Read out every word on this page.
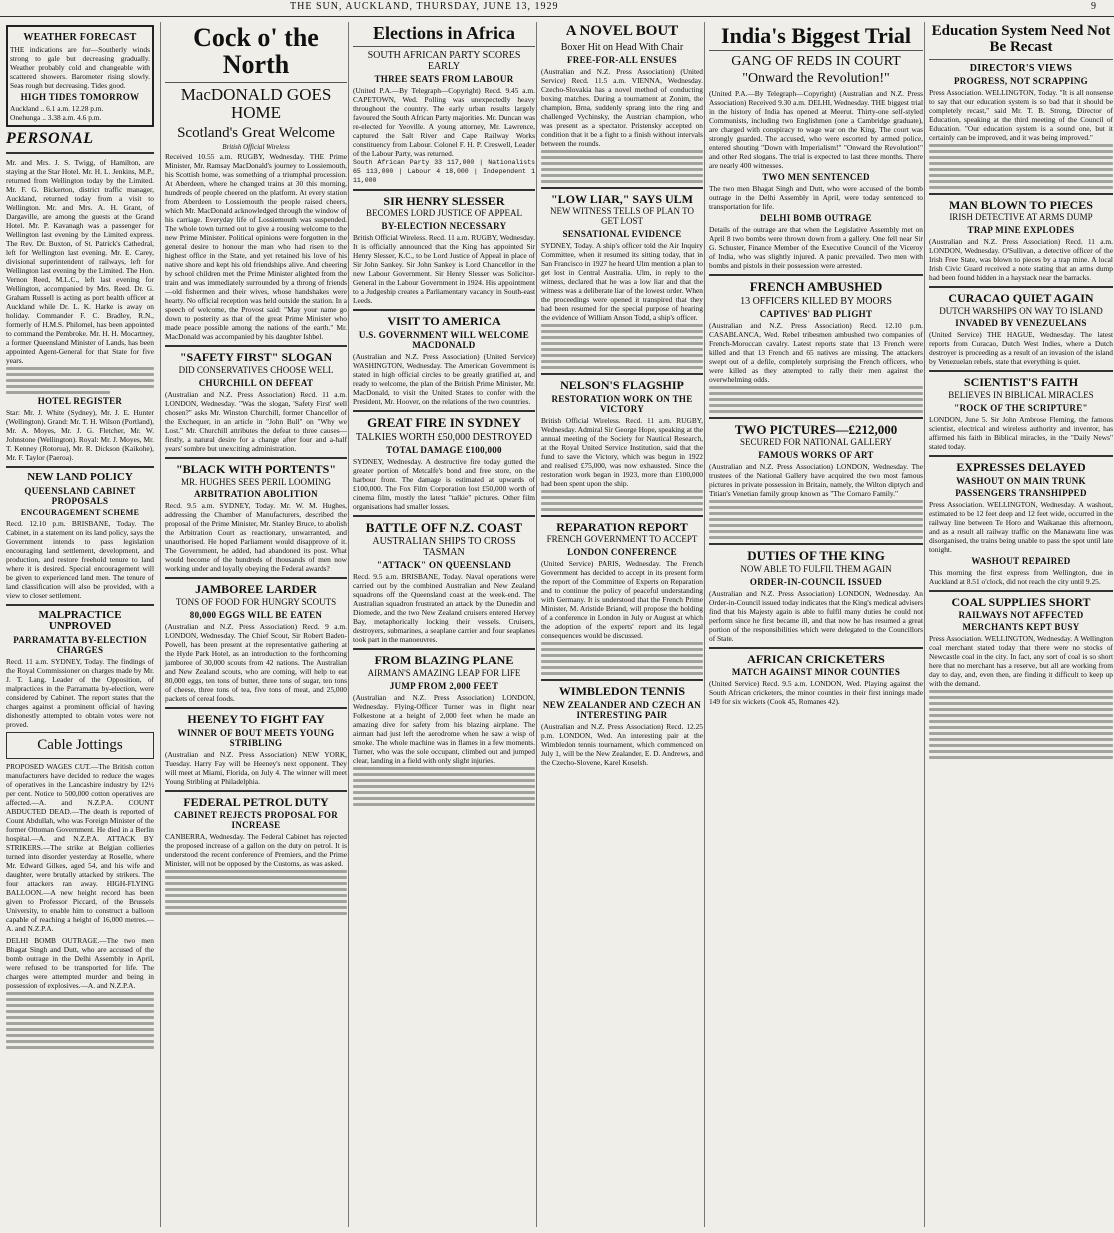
THE SUN, AUCKLAND, THURSDAY, JUNE 13, 1929	9
WEATHER FORECAST
THE indications are for—Southerly winds strong to gale but decreasing gradually. Weather probably cold and changeable with scattered showers. Barometer rising slowly. Seas rough but decreasing. Tides good.
HIGH TIDES TOMORROW
Auckland .. 6.1 a.m. 12.28 p.m.
Onehunga .. 3.38 a.m. 4.6 p.m.
PERSONAL
Mr. and Mrs. J. S. Twigg, of Hamilton, are staying at the Star Hotel. Mr. H. L. Jenkins, M.P., returned from Wellington today by the Limited. Mr. F. G. Bickerton, district traffic manager, Auckland, returned today from a visit to Wellington. Mr. and Mrs. A. H. Grant, of Dargaville, are among the guests at the Grand Hotel. Mr. P. Kavanagh was a passenger for Wellington last evening by the Limited express. The Rev. Dr. Buxton, of St. Patrick's Cathedral, left for Wellington last evening. Mr. E. Carey, divisional superintendent of railways, left for Wellington last evening by the Limited. The Hon. Vernon Reed, M.L.C., left last evening for Wellington, accompanied by Mrs. Reed. Dr. G. Graham Russell is acting as port health officer at Auckland while Dr. L. K. Harke is away on holiday. Commander F. C. Bradley, R.N., formerly of H.M.S. Philomel, has been appointed to command the Pembroke. Mr. H. H. Mocartney, a former Queensland Minister of Lands, has been appointed Agent-General for that State for five years.
HOTEL REGISTER
Star: Mr. J. White (Sydney), Mr. J. E. Hunter (Wellington). Grand: Mr. T. H. Wilson (Portland), Mr. A. Moyes, Mr. J. G. Fletcher, Mr. W. Johnstone (Wellington). Royal: Mr. J. Moyes, Mr. T. Kenney (Rotorua), Mr. R. Dickson (Kaikohe), Mr. F. Taylor (Paeroa).
NEW LAND POLICY
QUEENSLAND CABINET PROPOSALS
ENCOURAGEMENT SCHEME
Recd. 12.10 p.m. BRISBANE, Today. The Cabinet, in a statement on its land policy, says the Government intends to pass legislation encouraging land settlement, development, and production, and restore freehold tenure to land where it is desired. Special encouragement will be given to experienced land men. The tenure of land classification will also be provided, with a view to closer settlement.
MALPRACTICE UNPROVED
PARRAMATTA BY-ELECTION CHARGES
Recd. 11 a.m. SYDNEY, Today. The findings of the Royal Commissioner on charges made by Mr. J. T. Lang, Leader of the Opposition, of malpractices in the Parramatta by-election, were considered by Cabinet. The report states that the charges against a prominent official of having dishonestly attempted to obtain votes were not proved.
Cable Jottings
PROPOSED WAGES CUT.—The British cotton manufacturers have decided to reduce the wages of operatives in the Lancashire industry by 12½ per cent. Notice to 500,000 cotton operatives are affected.—A. and N.Z.P.A. COUNT ABDUCTED DEAD.—The death is reported of Count Abdullah, who was Foreign Minister of the former Ottoman Government. He died in a Berlin hospital.—A. and N.Z.P.A. ATTACK BY STRIKERS.—The strike at Belgian collieries turned into disorder yesterday at Roselle, where Mr. Edward Gilkes, aged 54, and his wife and daughter, were brutally attacked by strikers. The four attackers ran away. HIGH-FLYING BALLOON.—A new height record has been given to Professor Piccard, of the Brussels University, to enable him to construct a balloon capable of reaching a height of 16,000 metres.—A. and N.Z.P.A.
DELHI BOMB OUTRAGE.—The two men Bhagat Singh and Dutt, who are accused of the bomb outrage in the Delhi Assembly in April, were refused to be transported for life. The charges were attempted murder and being in possession of explosives.—A. and N.Z.P.A.
Cock o' the North
MacDONALD GOES HOME
Scotland's Great Welcome
British Official Wireless
Received 10.55 a.m. RUGBY, Wednesday. THE Prime Minister, Mr. Ramsay MacDonald's journey to Lossiemouth, his Scottish home, was something of a triumphal procession. At Aberdeen, where he changed trains at 30 this morning, hundreds of people cheered on the platform. At every station from Aberdeen to Lossiemouth the people raised cheers, which Mr. MacDonald acknowledged through the window of his carriage. Everyday life of Lossiemouth was suspended. The whole town turned out to give a rousing welcome to the new Prime Minister. Political opinions were forgotten in the general desire to honour the man who had risen to the highest office in the State, and yet retained his love of his native shore and kept his old friendships alive. And cheering by school children met the Prime Minister alighted from the train and was immediately surrounded by a throng of friends—old fishermen and their wives, whose handshakes were hearty. No official reception was held outside the station. In a speech of welcome, the Provost said: "May your name go down to posterity as that of the great Prime Minister who made peace possible among the nations of the earth." Mr. MacDonald was accompanied by his daughter Ishbel.
"SAFETY FIRST" SLOGAN
DID CONSERVATIVES CHOOSE WELL
CHURCHILL ON DEFEAT
(Australian and N.Z. Press Association) Recd. 11 a.m. LONDON, Wednesday. "Was the slogan, 'Safety First' well chosen?" asks Mr. Winston Churchill, former Chancellor of the Exchequer, in an article in "John Bull" on "Why we Lost." Mr. Churchill attributes the defeat to three causes—firstly, a natural desire for a change after four and a-half years' sombre but unexciting administration.
"BLACK WITH PORTENTS"
MR. HUGHES SEES PERIL LOOMING
ARBITRATION ABOLITION
Recd. 9.5 a.m. SYDNEY, Today. Mr. W. M. Hughes, addressing the Chamber of Manufacturers, described the proposal of the Prime Minister, Mr. Stanley Bruce, to abolish the Arbitration Court as reactionary, unwarranted, and unauthorised. He hoped Parliament would disapprove of it. The Government, he added, had abandoned its post. What would become of the hundreds of thousands of men now working under and loyally obeying the Federal awards?
JAMBOREE LARDER
TONS OF FOOD FOR HUNGRY SCOUTS
80,000 EGGS WILL BE EATEN
(Australian and N.Z. Press Association) Recd. 9 a.m. LONDON, Wednesday. The Chief Scout, Sir Robert Baden-Powell, has been present at the representative gathering at the Hyde Park Hotel, as an introduction to the forthcoming jamboree of 30,000 scouts from 42 nations. The Australian and New Zealand scouts, who are coming, will help to eat 80,000 eggs, ten tons of butter, three tons of sugar, ten tons of cheese, three tons of tea, five tons of meat, and 25,000 packets of cereal foods.
HEENEY TO FIGHT FAY
WINNER OF BOUT MEETS YOUNG STRIBLING
(Australian and N.Z. Press Association) NEW YORK, Tuesday. Harry Fay will be Heeney's next opponent. They will meet at Miami, Florida, on July 4. The winner will meet Young Stribling at Philadelphia.
FEDERAL PETROL DUTY
CABINET REJECTS PROPOSAL FOR INCREASE
CANBERRA, Wednesday. The Federal Cabinet has rejected the proposed increase of a gallon on the duty on petrol. It is understood the recent conference of Premiers, and the Prime Minister, will not be opposed by the Customs, as was asked.
Elections in Africa
SOUTH AFRICAN PARTY SCORES EARLY
THREE SEATS FROM LABOUR
(United P.A.—By Telegraph—Copyright) Recd. 9.45 a.m. CAPETOWN, Wed. Polling was unexpectedly heavy throughout the country. The early urban results largely favoured the South African Party majorities. Mr. Duncan was re-elected for Yeoville. A young attorney, Mr. Lawrence, captured the Salt River and Cape Railway Works constituency from Labour. Colonel F. H. P. Creswell, Leader of the Labour Party, was returned.
South African Party 33 117,000 | Nationalists 65 113,000 | Labour 4 18,000 | Independent 1 11,000
SIR HENRY SLESSER
BECOMES LORD JUSTICE OF APPEAL
BY-ELECTION NECESSARY
British Official Wireless. Recd. 11 a.m. RUGBY, Wednesday. It is officially announced that the King has appointed Sir Henry Slesser, K.C., to be Lord Justice of Appeal in place of Sir John Sankey. Sir John Sankey is Lord Chancellor in the new Labour Government. Sir Henry Slesser was Solicitor-General in the Labour Government in 1924. His appointment to a Judgeship creates a Parliamentary vacancy in South-east Leeds.
VISIT TO AMERICA
U.S. GOVERNMENT WILL WELCOME MACDONALD
(Australian and N.Z. Press Association) (United Service) WASHINGTON, Wednesday. The American Government is stated in high official circles to be greatly gratified at, and ready to welcome, the plan of the British Prime Minister, Mr. MacDonald, to visit the United States to confer with the President, Mr. Hoover, on the relations of the two countries.
GREAT FIRE IN SYDNEY
TALKIES WORTH £50,000 DESTROYED
TOTAL DAMAGE £100,000
SYDNEY, Wednesday. A destructive fire today gutted the greater portion of Metcalfe's bond and free store, on the harbour front. The damage is estimated at upwards of £100,000. The Fox Film Corporation lost £50,000 worth of cinema film, mostly the latest "talkie" pictures. Other film organisations had smaller losses.
BATTLE OFF N.Z. COAST
AUSTRALIAN SHIPS TO CROSS TASMAN
"ATTACK" ON QUEENSLAND
Recd. 9.5 a.m. BRISBANE, Today. Naval operations were carried out by the combined Australian and New Zealand squadrons off the Queensland coast at the week-end. The Australian squadron frustrated an attack by the Dunedin and Diomede, and the two New Zealand cruisers entered Hervey Bay, metaphorically locking their vessels. Cruisers, destroyers, submarines, a seaplane carrier and four seaplanes took part in the manoeuvres.
FROM BLAZING PLANE
AIRMAN'S AMAZING LEAP FOR LIFE
JUMP FROM 2,000 FEET
(Australian and N.Z. Press Association) LONDON, Wednesday. Flying-Officer Turner was in flight near Folkestone at a height of 2,000 feet when he made an amazing dive for safety from his blazing airplane. The airman had just left the aerodrome when he saw a wisp of smoke. The whole machine was in flames in a few moments. Turner, who was the sole occupant, climbed out and jumped clear, landing in a field with only slight injuries.
A NOVEL BOUT
Boxer Hit on Head With Chair
FREE-FOR-ALL ENSUES
(Australian and N.Z. Press Association) (United Service) Recd. 11.5 a.m. VIENNA, Wednesday. Czecho-Slovakia has a novel method of conducting boxing matches. During a tournament at Zonim, the champion, Brna, suddenly sprang into the ring and challenged Vychinsky, the Austrian champion, who was present as a spectator. Pristensky accepted on condition that it be a fight to a finish without intervals between the rounds.
"LOW LIAR," SAYS ULM
NEW WITNESS TELLS OF PLAN TO GET LOST
SENSATIONAL EVIDENCE
SYDNEY, Today. A ship's officer told the Air Inquiry Committee, when it resumed its sitting today, that in San Francisco in 1927 he heard Ulm mention a plan to get lost in Central Australia. Ulm, in reply to the witness, declared that he was a low liar and that the witness was a deliberate liar of the lowest order. When the proceedings were opened it transpired that they had been resumed for the special purpose of hearing the evidence of William Anson Todd, a ship's officer.
NELSON'S FLAGSHIP
RESTORATION WORK ON THE VICTORY
British Official Wireless. Recd. 11 a.m. RUGBY, Wednesday. Admiral Sir George Hope, speaking at the annual meeting of the Society for Nautical Research, at the Royal United Service Institution, said that the fund to save the Victory, which was begun in 1922 and realised £75,000, was now exhausted. Since the restoration work began in 1923, more than £100,000 had been spent upon the ship.
REPARATION REPORT
FRENCH GOVERNMENT TO ACCEPT
LONDON CONFERENCE
(United Service) PARIS, Wednesday. The French Government has decided to accept in its present form the report of the Committee of Experts on Reparation and to continue the policy of peaceful understanding with Germany. It is understood that the French Prime Minister, M. Aristide Briand, will propose the holding of a conference in London in July or August at which the adoption of the experts' report and its legal consequences would be discussed.
WIMBLEDON TENNIS
NEW ZEALANDER AND CZECH AN INTERESTING PAIR
(Australian and N.Z. Press Association) Recd. 12.25 p.m. LONDON, Wed. An interesting pair at the Wimbledon tennis tournament, which commenced on July 1, will be the New Zealander, E. D. Andrews, and the Czecho-Slovene, Karel Koselsh.
India's Biggest Trial
GANG OF REDS IN COURT
"Onward the Revolution!"
(United P.A.—By Telegraph—Copyright) (Australian and N.Z. Press Association) Received 9.30 a.m. DELHI, Wednesday. THE biggest trial in the history of India has opened at Meerut. Thirty-one self-styled Communists, including two Englishmen (one a Cambridge graduate), are charged with conspiracy to wage war on the King. The court was strongly guarded. The accused, who were escorted by armed police, entered shouting "Down with Imperialism!" "Onward the Revolution!" and other Red slogans. The trial is expected to last three months. There are nearly 400 witnesses.
TWO MEN SENTENCED
The two men Bhagat Singh and Dutt, who were accused of the bomb outrage in the Delhi Assembly in April, were today sentenced to transportation for life.
DELHI BOMB OUTRAGE
Details of the outrage are that when the Legislative Assembly met on April 8 two bombs were thrown down from a gallery. One fell near Sir G. Schuster, Finance Member of the Executive Council of the Viceroy of India, who was slightly injured. A panic prevailed. Two men with bombs and pistols in their possession were arrested.
FRENCH AMBUSHED
13 OFFICERS KILLED BY MOORS
CAPTIVES' BAD PLIGHT
(Australian and N.Z. Press Association) Recd. 12.10 p.m. CASABLANCA, Wed. Rebel tribesmen ambushed two companies of French-Moroccan cavalry. Latest reports state that 13 French were killed and that 13 French and 65 natives are missing. The attackers swept out of a defile, completely surprising the French officers, who were killed as they attempted to rally their men against the overwhelming odds.
TWO PICTURES—£212,000
SECURED FOR NATIONAL GALLERY
FAMOUS WORKS OF ART
(Australian and N.Z. Press Association) LONDON, Wednesday. The trustees of the National Gallery have acquired the two most famous pictures in private possession in Britain, namely, the Wilton diptych and Titian's Venetian family group known as "The Cornaro Family."
DUTIES OF THE KING
NOW ABLE TO FULFIL THEM AGAIN
ORDER-IN-COUNCIL ISSUED
(Australian and N.Z. Press Association) LONDON, Wednesday. An Order-in-Council issued today indicates that the King's medical advisers find that his Majesty again is able to fulfil many duties he could not perform since he first became ill, and that now he has resumed a great portion of the responsibilities which were delegated to the Councillors of State.
AFRICAN CRICKETERS
MATCH AGAINST MINOR COUNTIES
(United Service) Recd. 9.5 a.m. LONDON, Wed. Playing against the South African cricketers, the minor counties in their first innings made 149 for six wickets (Cook 45, Romanes 42).
Education System Need Not Be Recast
DIRECTOR'S VIEWS
PROGRESS, NOT SCRAPPING
Press Association. WELLINGTON, Today. "It is all nonsense to say that our education system is so bad that it should be completely recast," said Mr. T. B. Strong, Director of Education, speaking at the third meeting of the Council of Education. "Our education system is a sound one, but it certainly can be improved, and it was being improved."
MAN BLOWN TO PIECES
IRISH DETECTIVE AT ARMS DUMP
TRAP MINE EXPLODES
(Australian and N.Z. Press Association) Recd. 11 a.m. LONDON, Wednesday. O'Sullivan, a detective officer of the Irish Free State, was blown to pieces by a trap mine. A local Irish Civic Guard received a note stating that an arms dump had been found hidden in a haystack near the barracks.
CURACAO QUIET AGAIN
DUTCH WARSHIPS ON WAY TO ISLAND
INVADED BY VENEZUELANS
(United Service) THE HAGUE, Wednesday. The latest reports from Curacao, Dutch West Indies, where a Dutch destroyer is proceeding as a result of an invasion of the island by Venezuelan rebels, state that everything is quiet.
SCIENTIST'S FAITH
BELIEVES IN BIBLICAL MIRACLES
"ROCK OF THE SCRIPTURE"
LONDON, June 5. Sir John Ambrose Fleming, the famous scientist, electrical and wireless authority and inventor, has affirmed his faith in Biblical miracles, in the "Daily News" stated today.
EXPRESSES DELAYED
WASHOUT ON MAIN TRUNK
PASSENGERS TRANSHIPPED
Press Association. WELLINGTON, Wednesday. A washout, estimated to be 12 feet deep and 12 feet wide, occurred in the railway line between Te Horo and Waikanae this afternoon, and as a result all railway traffic on the Manawatu line was disorganised, the trains being unable to pass the spot until late tonight.
WASHOUT REPAIRED
This morning the first express from Wellington, due in Auckland at 8.51 o'clock, did not reach the city until 9.25.
COAL SUPPLIES SHORT
RAILWAYS NOT AFFECTED
MERCHANTS KEPT BUSY
Press Association. WELLINGTON, Wednesday. A Wellington coal merchant stated today that there were no stocks of Newcastle coal in the city. In fact, any sort of coal is so short here that no merchant has a reserve, but all are working from day to day, and, even then, are finding it difficult to keep up with the demand.
